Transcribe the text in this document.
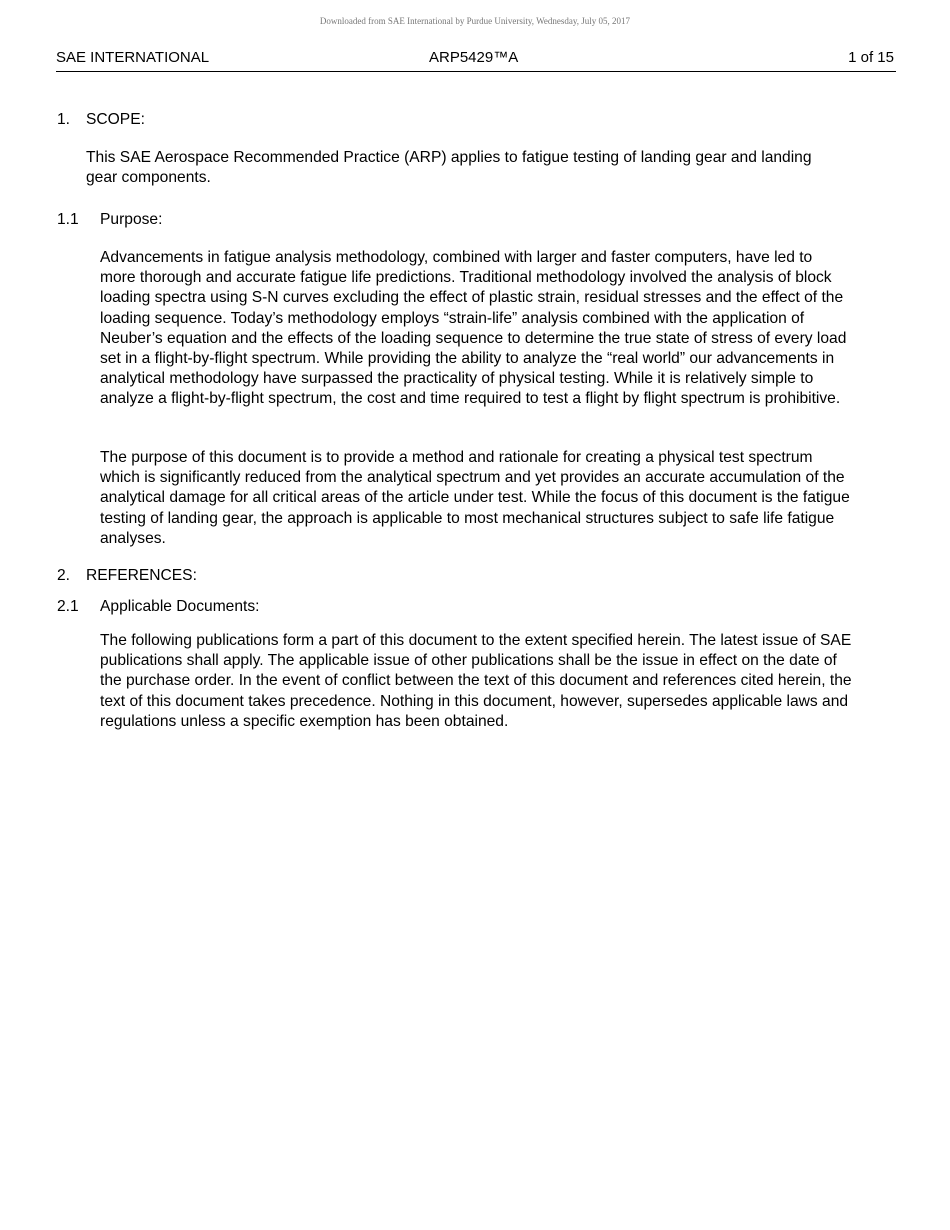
Downloaded from SAE International by Purdue University, Wednesday, July 05, 2017
SAE INTERNATIONAL	ARP5429™A	1 of 15
1. SCOPE:
This SAE Aerospace Recommended Practice (ARP) applies to fatigue testing of landing gear and landing gear components.
1.1 Purpose:
Advancements in fatigue analysis methodology, combined with larger and faster computers, have led to more thorough and accurate fatigue life predictions. Traditional methodology involved the analysis of block loading spectra using S-N curves excluding the effect of plastic strain, residual stresses and the effect of the loading sequence. Today’s methodology employs “strain-life” analysis combined with the application of Neuber’s equation and the effects of the loading sequence to determine the true state of stress of every load set in a flight-by-flight spectrum. While providing the ability to analyze the “real world” our advancements in analytical methodology have surpassed the practicality of physical testing. While it is relatively simple to analyze a flight-by-flight spectrum, the cost and time required to test a flight by flight spectrum is prohibitive.
The purpose of this document is to provide a method and rationale for creating a physical test spectrum which is significantly reduced from the analytical spectrum and yet provides an accurate accumulation of the analytical damage for all critical areas of the article under test. While the focus of this document is the fatigue testing of landing gear, the approach is applicable to most mechanical structures subject to safe life fatigue analyses.
2. REFERENCES:
2.1 Applicable Documents:
The following publications form a part of this document to the extent specified herein. The latest issue of SAE publications shall apply. The applicable issue of other publications shall be the issue in effect on the date of the purchase order. In the event of conflict between the text of this document and references cited herein, the text of this document takes precedence. Nothing in this document, however, supersedes applicable laws and regulations unless a specific exemption has been obtained.
